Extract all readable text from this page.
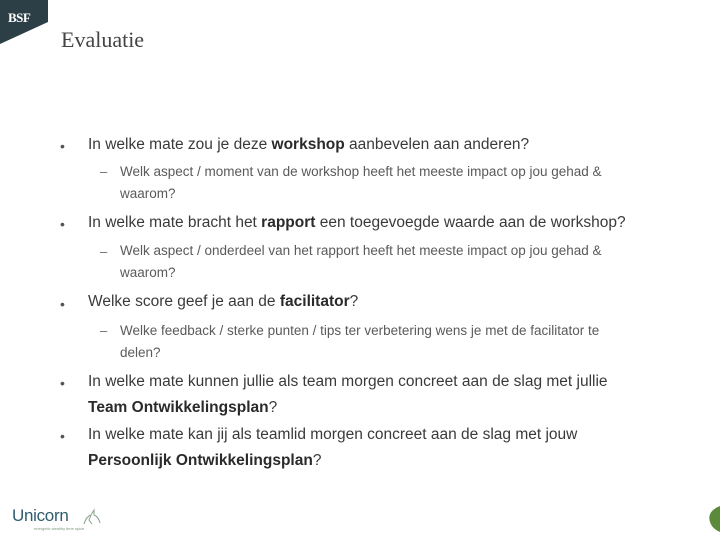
BSF
Evaluatie
• In welke mate zou je deze workshop aanbevelen aan anderen?
– Welk aspect / moment van de workshop heeft het meeste impact op jou gehad &
waarom?
• In welke mate bracht het rapport een toegevoegde waarde aan de workshop?
– Welk aspect / onderdeel van het rapport heeft het meeste impact op jou gehad &
waarom?
• Welke score geef je aan de facilitator?
– Welke feedback / sterke punten / tips ter verbetering wens je met de facilitator te
delen?
• In welke mate kunnen jullie als team morgen concreet aan de slag met jullie
Team Ontwikkelingsplan?
• In welke mate kan jij als teamlid morgen concreet aan de slag met jouw
Persoonlijk Ontwikkelingsplan?
Unicorn
energetic wealthy time spice
